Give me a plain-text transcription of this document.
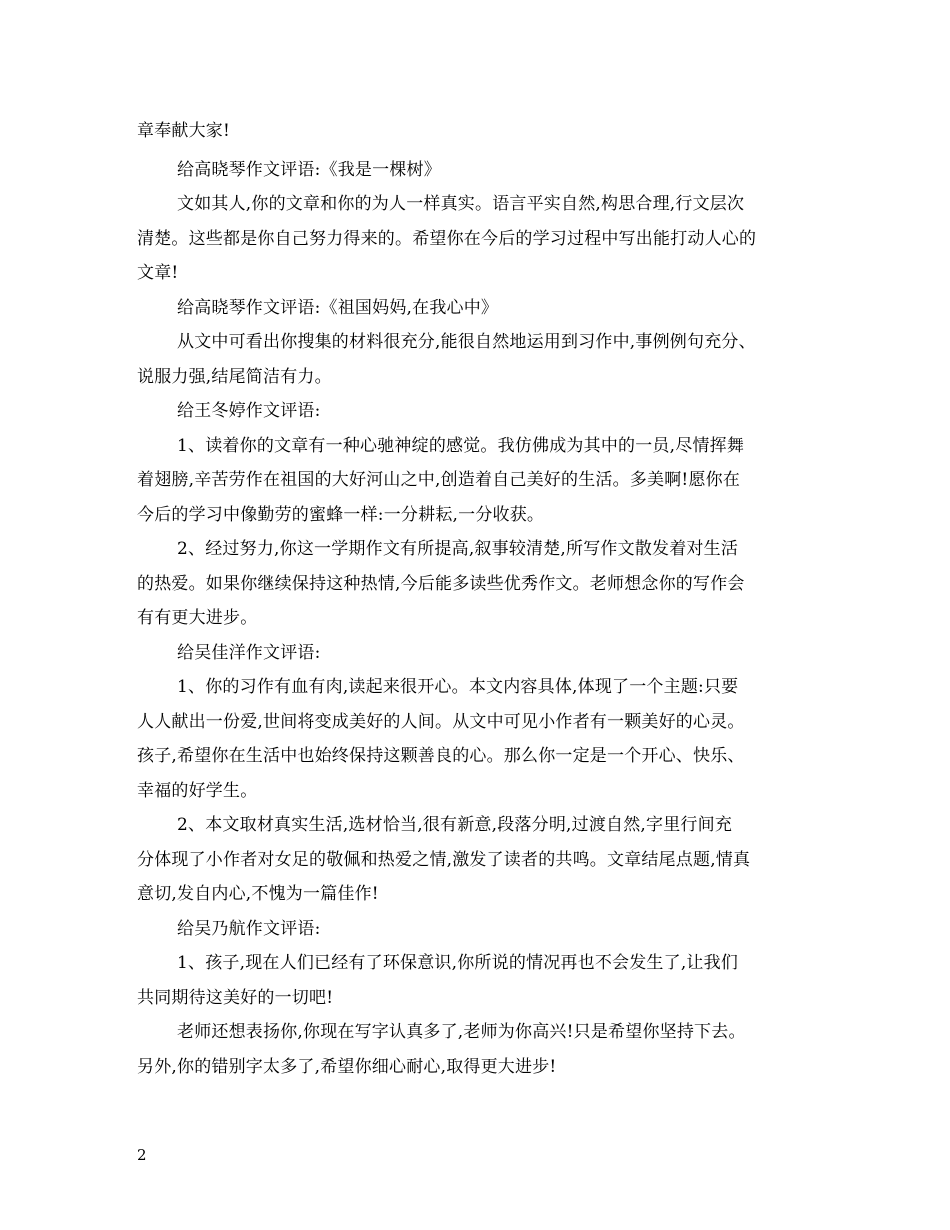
章奉献大家!
给高晓琴作文评语:《我是一棵树》
文如其人,你的文章和你的为人一样真实。语言平实自然,构思合理,行文层次
清楚。这些都是你自己努力得来的。希望你在今后的学习过程中写出能打动人心的
文章!
给高晓琴作文评语:《祖国妈妈,在我心中》
从文中可看出你搜集的材料很充分,能很自然地运用到习作中,事例例句充分、
说服力强,结尾简洁有力。
给王冬婷作文评语:
1、读着你的文章有一种心驰神绽的感觉。我仿佛成为其中的一员,尽情挥舞
着翅膀,辛苦劳作在祖国的大好河山之中,创造着自己美好的生活。多美啊!愿你在
今后的学习中像勤劳的蜜蜂一样:一分耕耘,一分收获。
2、经过努力,你这一学期作文有所提高,叙事较清楚,所写作文散发着对生活
的热爱。如果你继续保持这种热情,今后能多读些优秀作文。老师想念你的写作会
有有更大进步。
给吴佳洋作文评语:
1、你的习作有血有肉,读起来很开心。本文内容具体,体现了一个主题:只要
人人献出一份爱,世间将变成美好的人间。从文中可见小作者有一颗美好的心灵。
孩子,希望你在生活中也始终保持这颗善良的心。那么你一定是一个开心、快乐、
幸福的好学生。
2、本文取材真实生活,选材恰当,很有新意,段落分明,过渡自然,字里行间充
分体现了小作者对女足的敬佩和热爱之情,激发了读者的共鸣。文章结尾点题,情真
意切,发自内心,不愧为一篇佳作!
给吴乃航作文评语:
1、孩子,现在人们已经有了环保意识,你所说的情况再也不会发生了,让我们
共同期待这美好的一切吧!
老师还想表扬你,你现在写字认真多了,老师为你高兴!只是希望你坚持下去。
另外,你的错别字太多了,希望你细心耐心,取得更大进步!
2
